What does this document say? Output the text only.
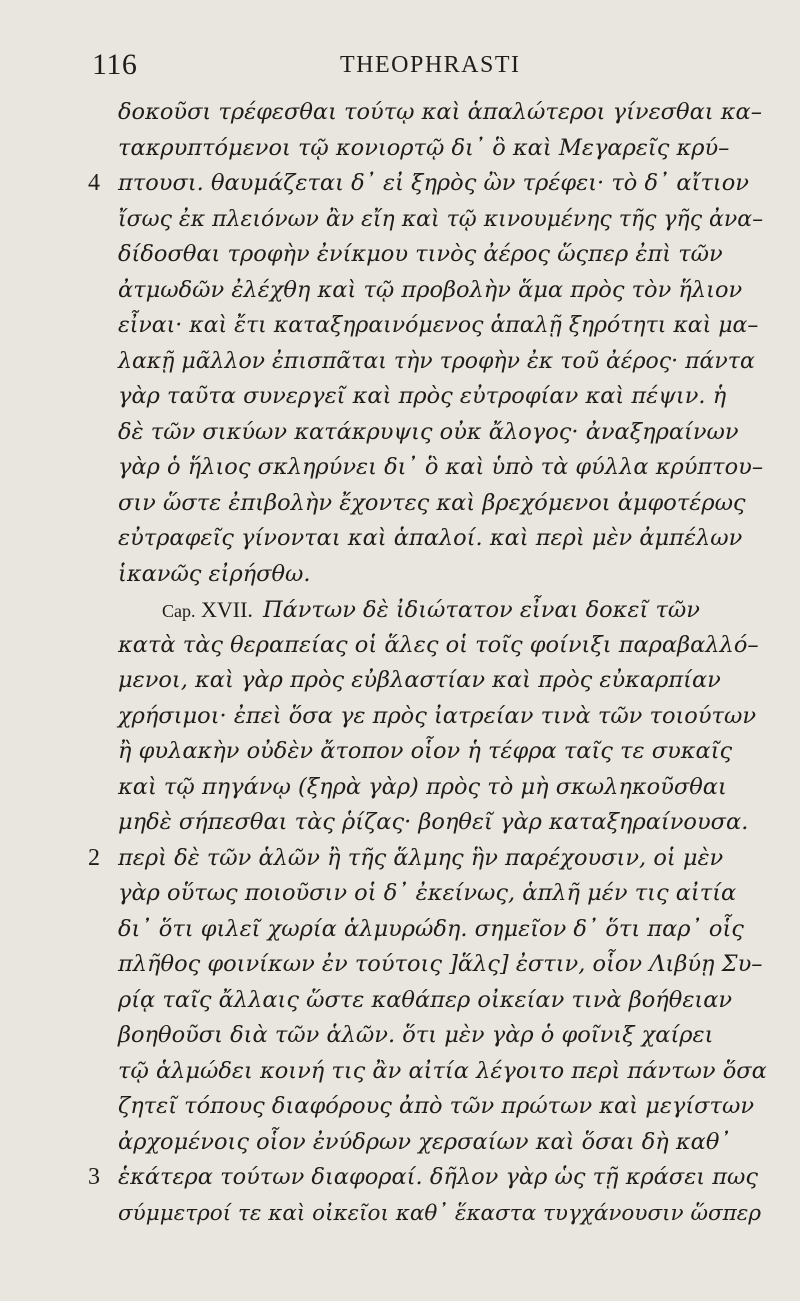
116	THEOPHRASTI
δοκοῦσι τρέφεσθαι τούτῳ καὶ ἁπαλώτεροι γίνεσθαι κα–
τακρυπτόμενοι τῷ κονιορτῷ δι᾽ ὃ καὶ Μεγαρεῖς κρύ–
4 πτουσι. θαυμάζεται δ᾽ εἰ ξηρὸς ὢν τρέφει· τὸ δ᾽ αἴτιον
ἴσως ἐκ πλειόνων ἂν εἴη καὶ τῷ κινουμένης τῆς γῆς ἀνα–
δίδοσθαι τροφὴν ἐνίκμου τινὸς ἀέρος ὥςπερ ἐπὶ τῶν
ἀτμωδῶν ἐλέχθη καὶ τῷ προβολὴν ἅμα πρὸς τὸν ἥλιον
εἶναι· καὶ ἔτι καταξηραινόμενος ἁπαλῇ ξηρότητι καὶ μα–
λακῇ μᾶλλον ἐπισπᾶται τὴν τροφὴν ἐκ τοῦ ἀέρος· πάντα
γὰρ ταῦτα συνεργεῖ καὶ πρὸς εὐτροφίαν καὶ πέψιν. ἡ
δὲ τῶν σικύων κατάκρυψις οὐκ ἄλογος· ἀναξηραίνων
γὰρ ὁ ἥλιος σκληρύνει δι᾽ ὃ καὶ ὑπὸ τὰ φύλλα κρύπτου–
σιν ὥστε ἐπιβολὴν ἔχοντες καὶ βρεχόμενοι ἀμφοτέρως
εὐτραφεῖς γίνονται καὶ ἁπαλοί. καὶ περὶ μὲν ἀμπέλων
ἱκανῶς εἰρήσθω.
Cap. XVII. Πάντων δὲ ἰδιώτατον εἶναι δοκεῖ τῶν
κατὰ τὰς θεραπείας οἱ ἅλες οἱ τοῖς φοίνιξι παραβαλλό–
μενοι, καὶ γὰρ πρὸς εὐβλαστίαν καὶ πρὸς εὐκαρπίαν
χρήσιμοι· ἐπεὶ ὅσα γε πρὸς ἰατρείαν τινὰ τῶν τοιούτων
ἢ φυλακὴν οὐδὲν ἄτοπον οἷον ἡ τέφρα ταῖς τε συκαῖς
καὶ τῷ πηγάνῳ (ξηρὰ γὰρ) πρὸς τὸ μὴ σκωληκοῦσθαι
μηδὲ σήπεσθαι τὰς ῥίζας· βοηθεῖ γὰρ καταξηραίνουσα.
2 περὶ δὲ τῶν ἁλῶν ἢ τῆς ἅλμης ἣν παρέχουσιν, οἱ μὲν
γὰρ οὕτως ποιοῦσιν οἱ δ᾽ ἐκείνως, ἁπλῆ μέν τις αἰτία
δι᾽ ὅτι φιλεῖ χωρία ἁλμυρώδη. σημεῖον δ᾽ ὅτι παρ᾽ οἷς
πλῆθος φοινίκων ἐν τούτοις ]ἅλς] ἐστιν, οἷον Λιβύῃ Συ–
ρίᾳ ταῖς ἄλλαις ὥστε καθάπερ οἰκείαν τινὰ βοήθειαν
βοηθοῦσι διὰ τῶν ἁλῶν. ὅτι μὲν γὰρ ὁ φοῖνιξ χαίρει
τῷ ἁλμώδει κοινή τις ἂν αἰτία λέγοιτο περὶ πάντων ὅσα
ζητεῖ τόπους διαφόρους ἀπὸ τῶν πρώτων καὶ μεγίστων
ἀρχομένοις οἷον ἐνύδρων χερσαίων καὶ ὅσαι δὴ καθ᾽
3 ἑκάτερα τούτων διαφοραί. δῆλον γὰρ ὡς τῇ κράσει πως
σύμμετροί τε καὶ οἰκεῖοι καθ᾽ ἕκαστα τυγχάνουσιν ὥσπερ
